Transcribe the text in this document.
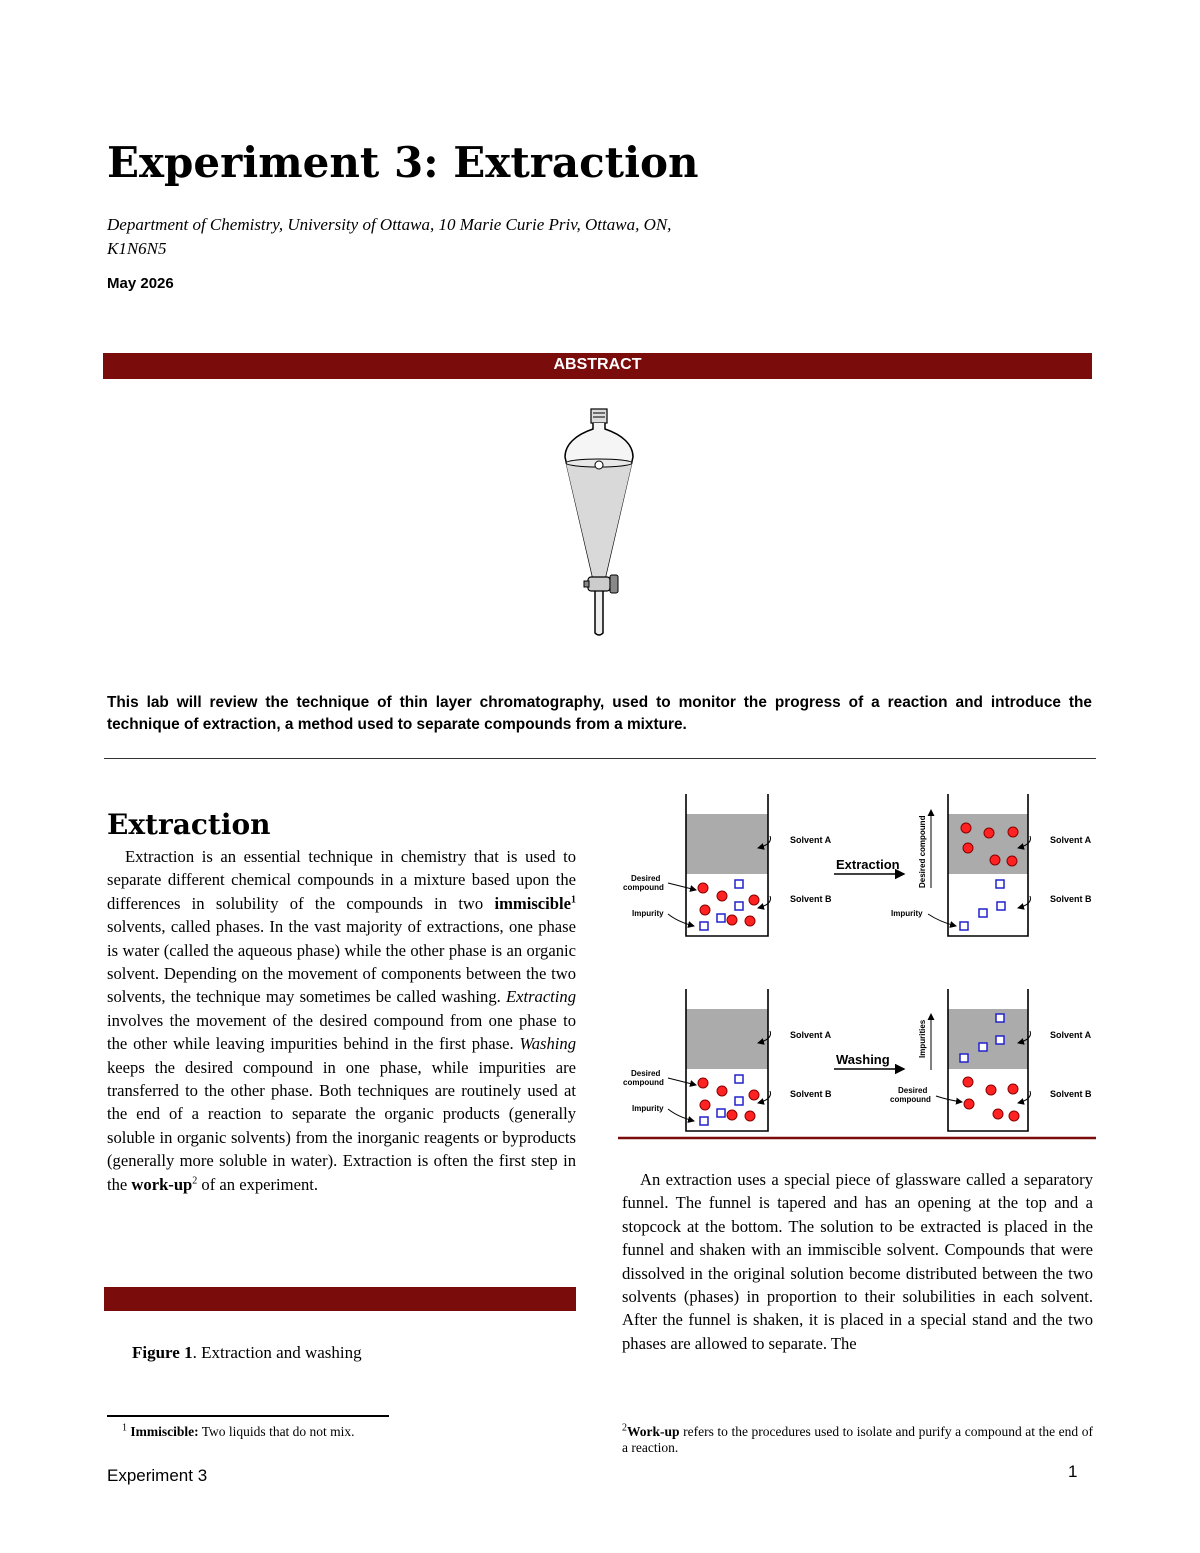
Experiment 3: Extraction
Department of Chemistry, University of Ottawa, 10 Marie Curie Priv, Ottawa, ON,
K1N6N5
May 2026
ABSTRACT
This lab will review the technique of thin layer chromatography, used to monitor the progress of a reaction and introduce the technique of extraction, a method used to separate compounds from a mixture.
Extraction

Extraction is an essential technique in chemistry that is used to separate different chemical compounds in a mixture based upon the differences in solubility of the compounds in two immiscible$^1$ solvents, called phases. In the vast majority of extractions, one phase is water (called the aqueous phase) while the other phase is an organic solvent. Depending on the movement of components between the two solvents, the technique may sometimes be called washing. Extracting involves the movement of the desired compound from one phase to the other while leaving impurities behind in the first phase. Washing keeps the desired compound in one phase, while impurities are transferred to the other phase. Both techniques are routinely used at the end of a reaction to separate the organic products (generally soluble in organic solvents) from the inorganic reagents or byproducts (generally more soluble in water). Extraction is often the first step in the work-$up^2$ of an experiment.

Figure 1. Extraction and washing
$^1$ Immiscible: Two liquids that do not mix.
Experiment 3	1
Solvent A
Solvent B
Desired
compound
Impurity
Extraction
Solvent A
Solvent B
Impurity
Desired compound
Solvent A
Solvent B
Desired
compound
Impurity
Washing
Solvent A
Solvent B
Desired
compound
Impurities

An extraction uses a special piece of glassware called a separatory funnel. The funnel is tapered and has an opening at the top and a stopcock at the bottom. The solution to be extracted is placed in the funnel and shaken with an immiscible solvent. Compounds that were dissolved in the original solution become distributed between the two solvents (phases) in proportion to their solubilities in each solvent. After the funnel is shaken, it is placed in a special stand and the two phases are allowed to separate. The

$^2$Work-up refers to the procedures used to isolate and purify a compound at the end of a reaction.
